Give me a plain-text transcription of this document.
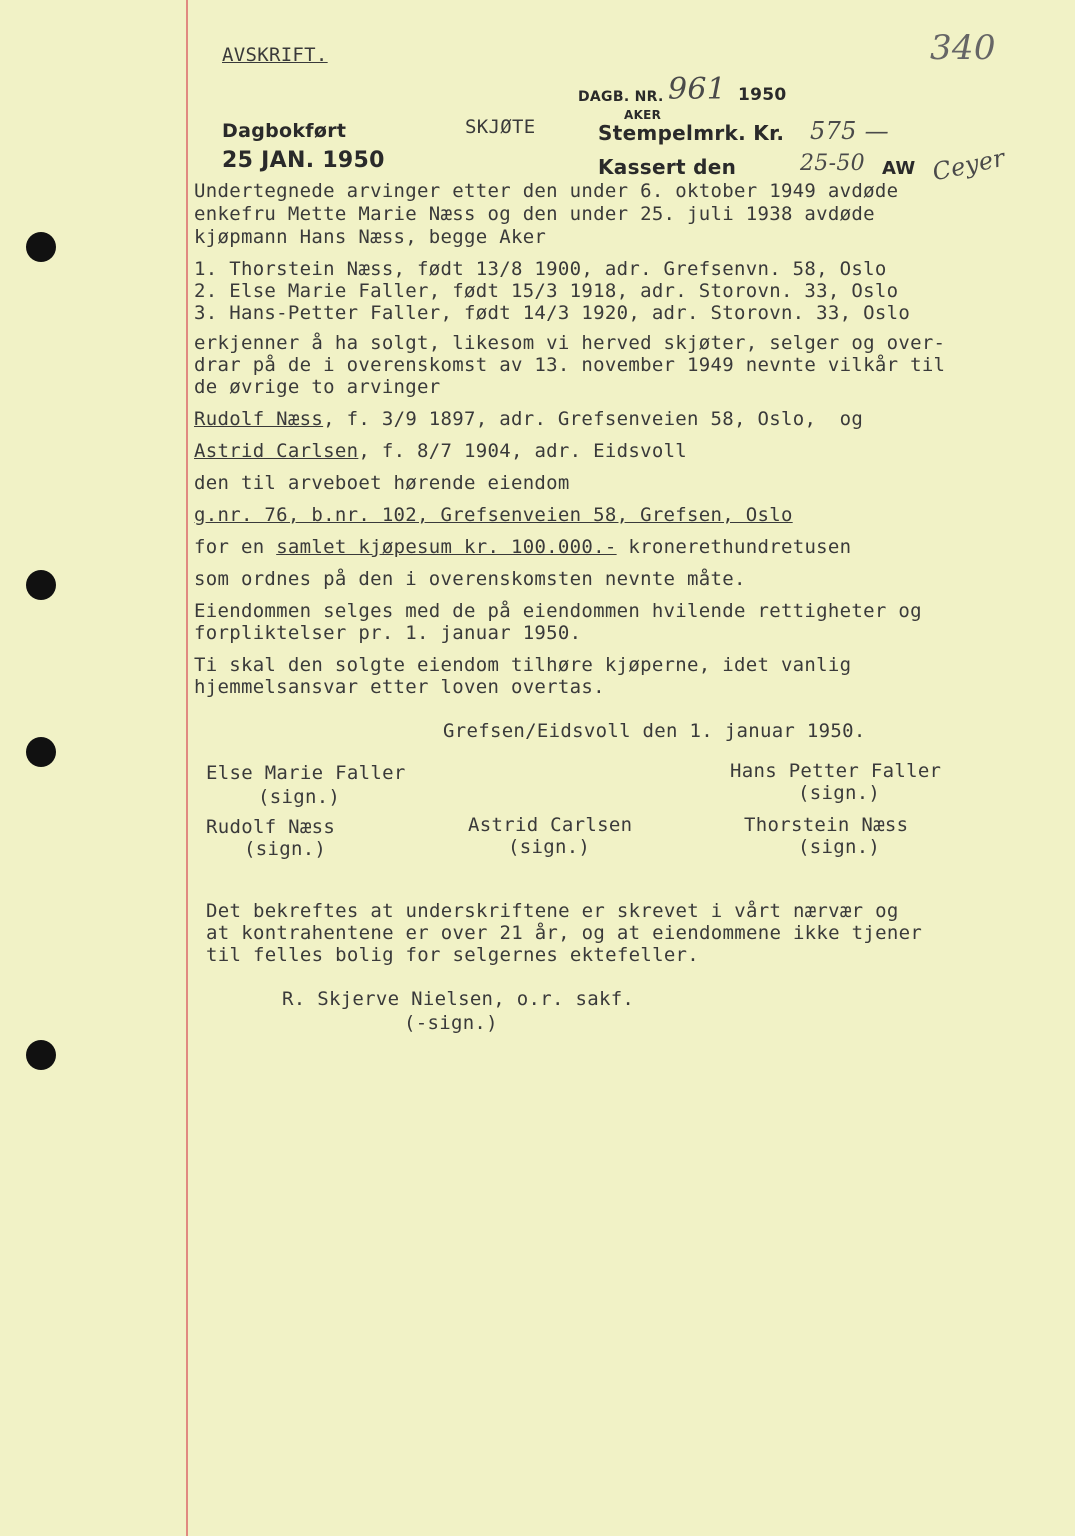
340
AVSKRIFT.
Dagbokført
25 JAN. 1950
SKJØTE
DAGB. NR. 961 1950
AKER
Stempelmrk. Kr. 575 —
Kassert den	25-50 AW Ceyer
Undertegnede arvinger etter den under 6. oktober 1949 avdøde
enkefru Mette Marie Næss og den under 25. juli 1938 avdøde
kjøpmann Hans Næss, begge Aker
1. Thorstein Næss, født 13/8 1900, adr. Grefsenvn. 58, Oslo
2. Else Marie Faller, født 15/3 1918, adr. Storovn. 33, Oslo
3. Hans-Petter Faller, født 14/3 1920, adr. Storovn. 33, Oslo
erkjenner å ha solgt, likesom vi herved skjøter, selger og over-
drar på de i overenskomst av 13. november 1949 nevnte vilkår til
de øvrige to arvinger
Rudolf Næss, f. 3/9 1897, adr. Grefsenveien 58, Oslo,  og
Astrid Carlsen, f. 8/7 1904, adr. Eidsvoll
den til arveboet hørende eiendom
g.nr. 76, b.nr. 102, Grefsenveien 58, Grefsen, Oslo
for en samlet kjøpesum kr. 100.000.- kronerethundretusen
som ordnes på den i overenskomsten nevnte måte.
Eiendommen selges med de på eiendommen hvilende rettigheter og
forpliktelser pr. 1. januar 1950.
Ti skal den solgte eiendom tilhøre kjøperne, idet vanlig
hjemmelsansvar etter loven overtas.
Grefsen/Eidsvoll den 1. januar 1950.
Else Marie Faller
(sign.)
Hans Petter Faller
(sign.)
Rudolf Næss
(sign.)
Astrid Carlsen
(sign.)
Thorstein Næss
(sign.)
Det bekreftes at underskriftene er skrevet i vårt nærvær og
at kontrahentene er over 21 år, og at eiendommene ikke tjener
til felles bolig for selgernes ektefeller.
R. Skjerve Nielsen, o.r. sakf.
(-sign.)
